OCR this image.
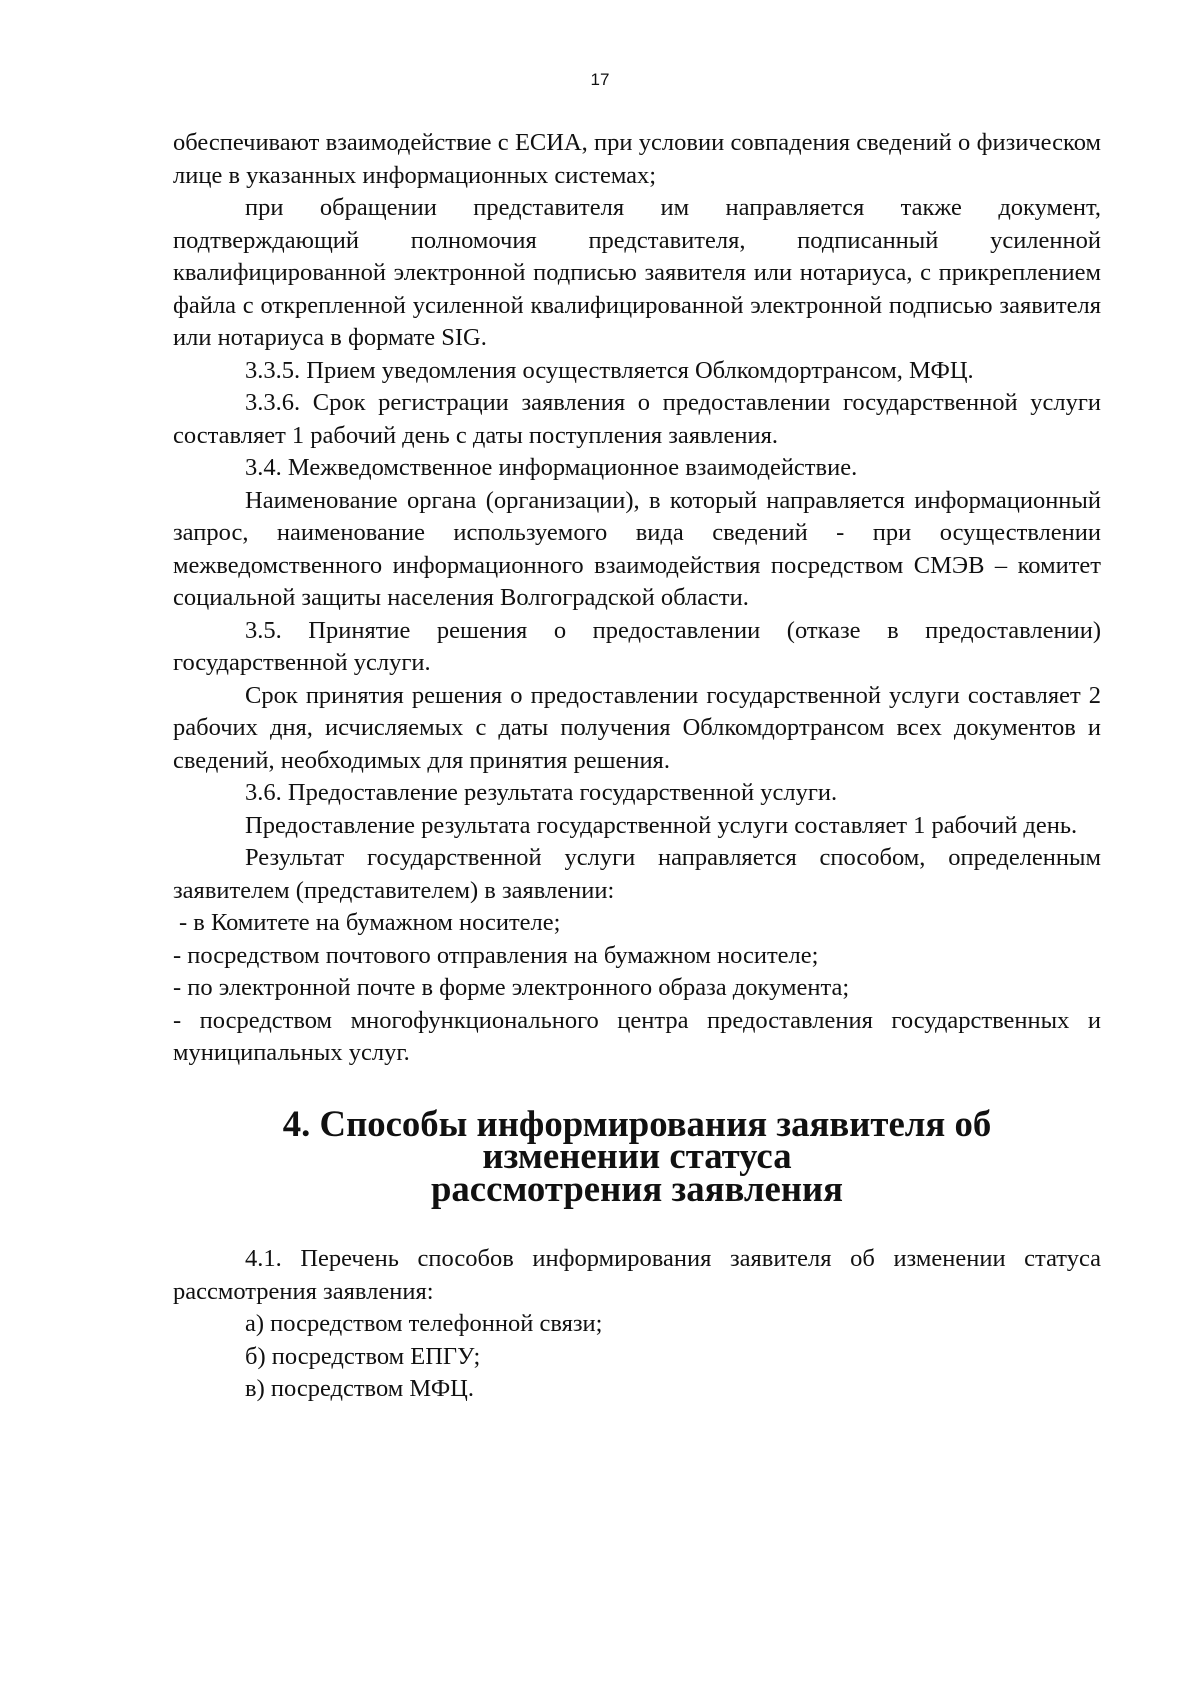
17

обеспечивают взаимодействие с ЕСИА, при условии совпадения сведений о физическом лице в указанных информационных системах;

при обращении представителя им направляется также документ, подтверждающий полномочия представителя, подписанный усиленной квалифицированной электронной подписью заявителя или нотариуса, с прикреплением файла с открепленной усиленной квалифицированной электронной подписью заявителя или нотариуса в формате SIG.

3.3.5. Прием уведомления осуществляется Облкомдортрансом, МФЦ.

3.3.6. Срок регистрации заявления о предоставлении государственной услуги составляет 1 рабочий день с даты поступления заявления.

3.4. Межведомственное информационное взаимодействие.

Наименование органа (организации), в который направляется информационный запрос, наименование используемого вида сведений - при осуществлении межведомственного информационного взаимодействия посредством СМЭВ – комитет социальной защиты населения Волгоградской области.

3.5. Принятие решения о предоставлении (отказе в предоставлении) государственной услуги.

Срок принятия решения о предоставлении государственной услуги составляет 2 рабочих дня, исчисляемых с даты получения Облкомдортрансом всех документов и сведений, необходимых для принятия решения.

3.6. Предоставление результата государственной услуги.

Предоставление результата государственной услуги составляет 1 рабочий день.

Результат государственной услуги направляется способом, определенным заявителем (представителем) в заявлении:

- в Комитете на бумажном носителе;

- посредством почтового отправления на бумажном носителе;

- по электронной почте в форме электронного образа документа;

- посредством многофункционального центра предоставления государственных и муниципальных услуг.

4. Способы информирования заявителя об изменении статуса
рассмотрения заявления

4.1. Перечень способов информирования заявителя об изменении статуса рассмотрения заявления:

а) посредством телефонной связи;

б) посредством ЕПГУ;

в) посредством МФЦ.
